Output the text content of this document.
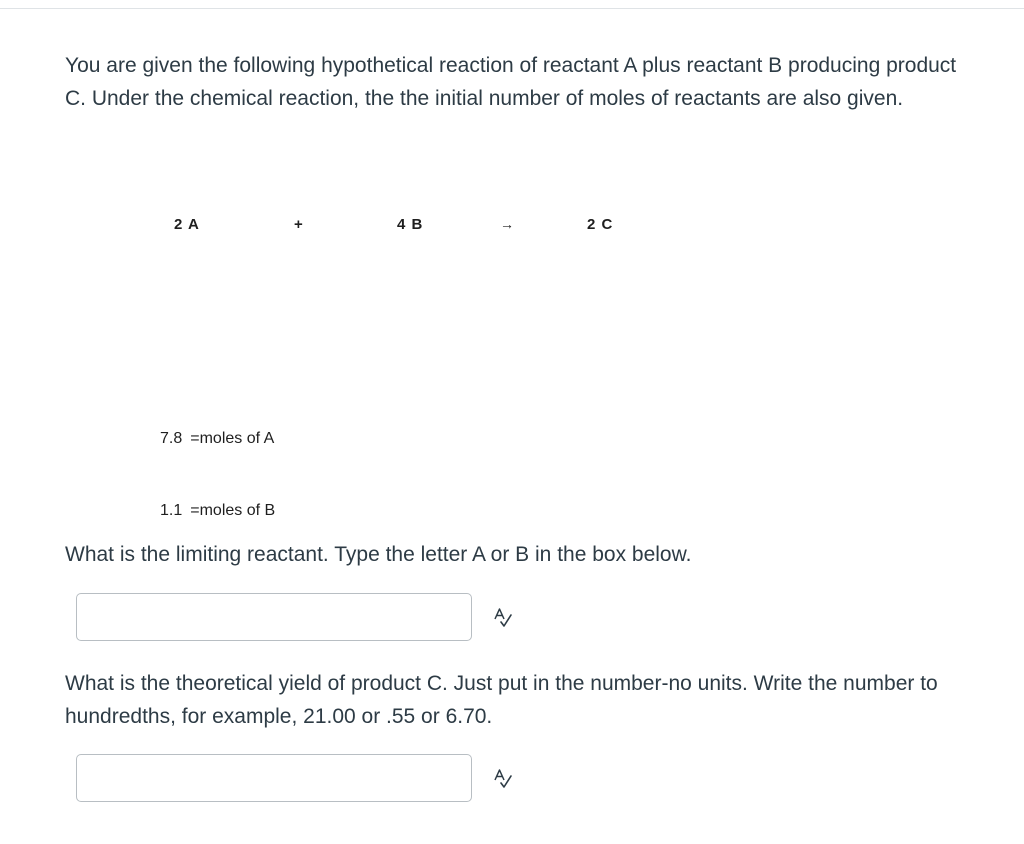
You are given the following hypothetical reaction of reactant A plus reactant B producing product C. Under the chemical reaction, the the initial number of moles of reactants are also given.

2 A	+	4 B	→	2 C
7.8 =moles of A
1.1 =moles of B

What is the limiting reactant. Type the letter A or B in the box below.

What is the theoretical yield of product C. Just put in the number-no units. Write the number to hundredths, for example, 21.00 or .55 or 6.70.
